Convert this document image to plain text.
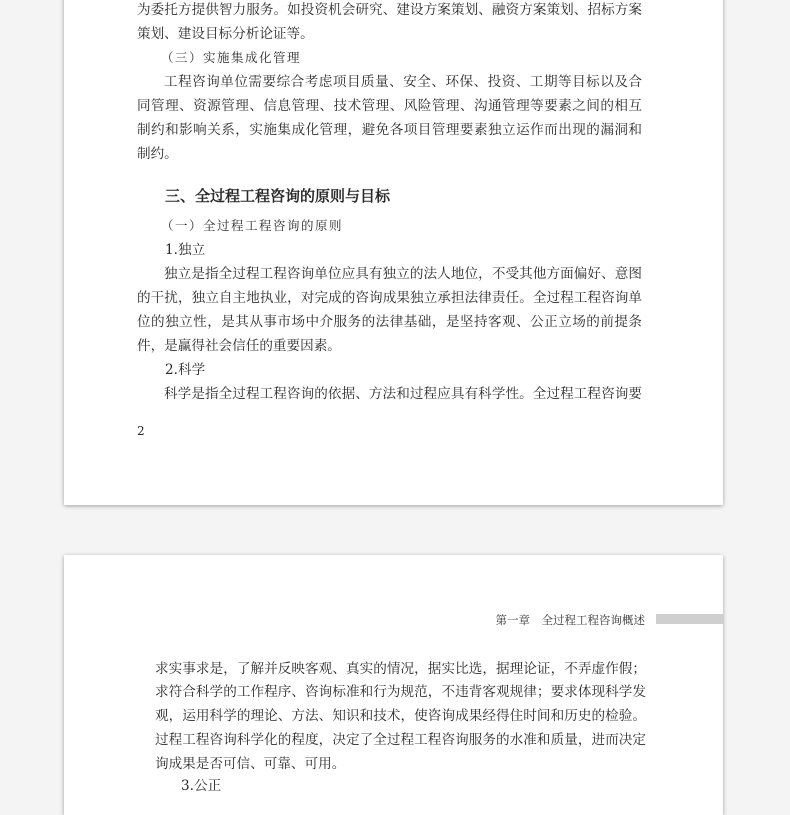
为委托方提供智力服务。如投资机会研究、建设方案策划、融资方案策划、招标方案
策划、建设目标分析论证等。
（三）实施集成化管理
工程咨询单位需要综合考虑项目质量、安全、环保、投资、工期等目标以及合
同管理、资源管理、信息管理、技术管理、风险管理、沟通管理等要素之间的相互
制约和影响关系，实施集成化管理，避免各项目管理要素独立运作而出现的漏洞和
制约。
三、全过程工程咨询的原则与目标
（一）全过程工程咨询的原则
1.独立
独立是指全过程工程咨询单位应具有独立的法人地位，不受其他方面偏好、意图
的干扰，独立自主地执业，对完成的咨询成果独立承担法律责任。全过程工程咨询单
位的独立性，是其从事市场中介服务的法律基础，是坚持客观、公正立场的前提条
件，是赢得社会信任的重要因素。
2.科学
科学是指全过程工程咨询的依据、方法和过程应具有科学性。全过程工程咨询要
2
第一章　全过程工程咨询概述
求实事求是，了解并反映客观、真实的情况，据实比选，据理论证，不弄虚作假；
求符合科学的工作程序、咨询标准和行为规范，不违背客观规律；要求体现科学发
观，运用科学的理论、方法、知识和技术，使咨询成果经得住时间和历史的检验。
过程工程咨询科学化的程度，决定了全过程工程咨询服务的水准和质量，进而决定
询成果是否可信、可靠、可用。
3.公正
